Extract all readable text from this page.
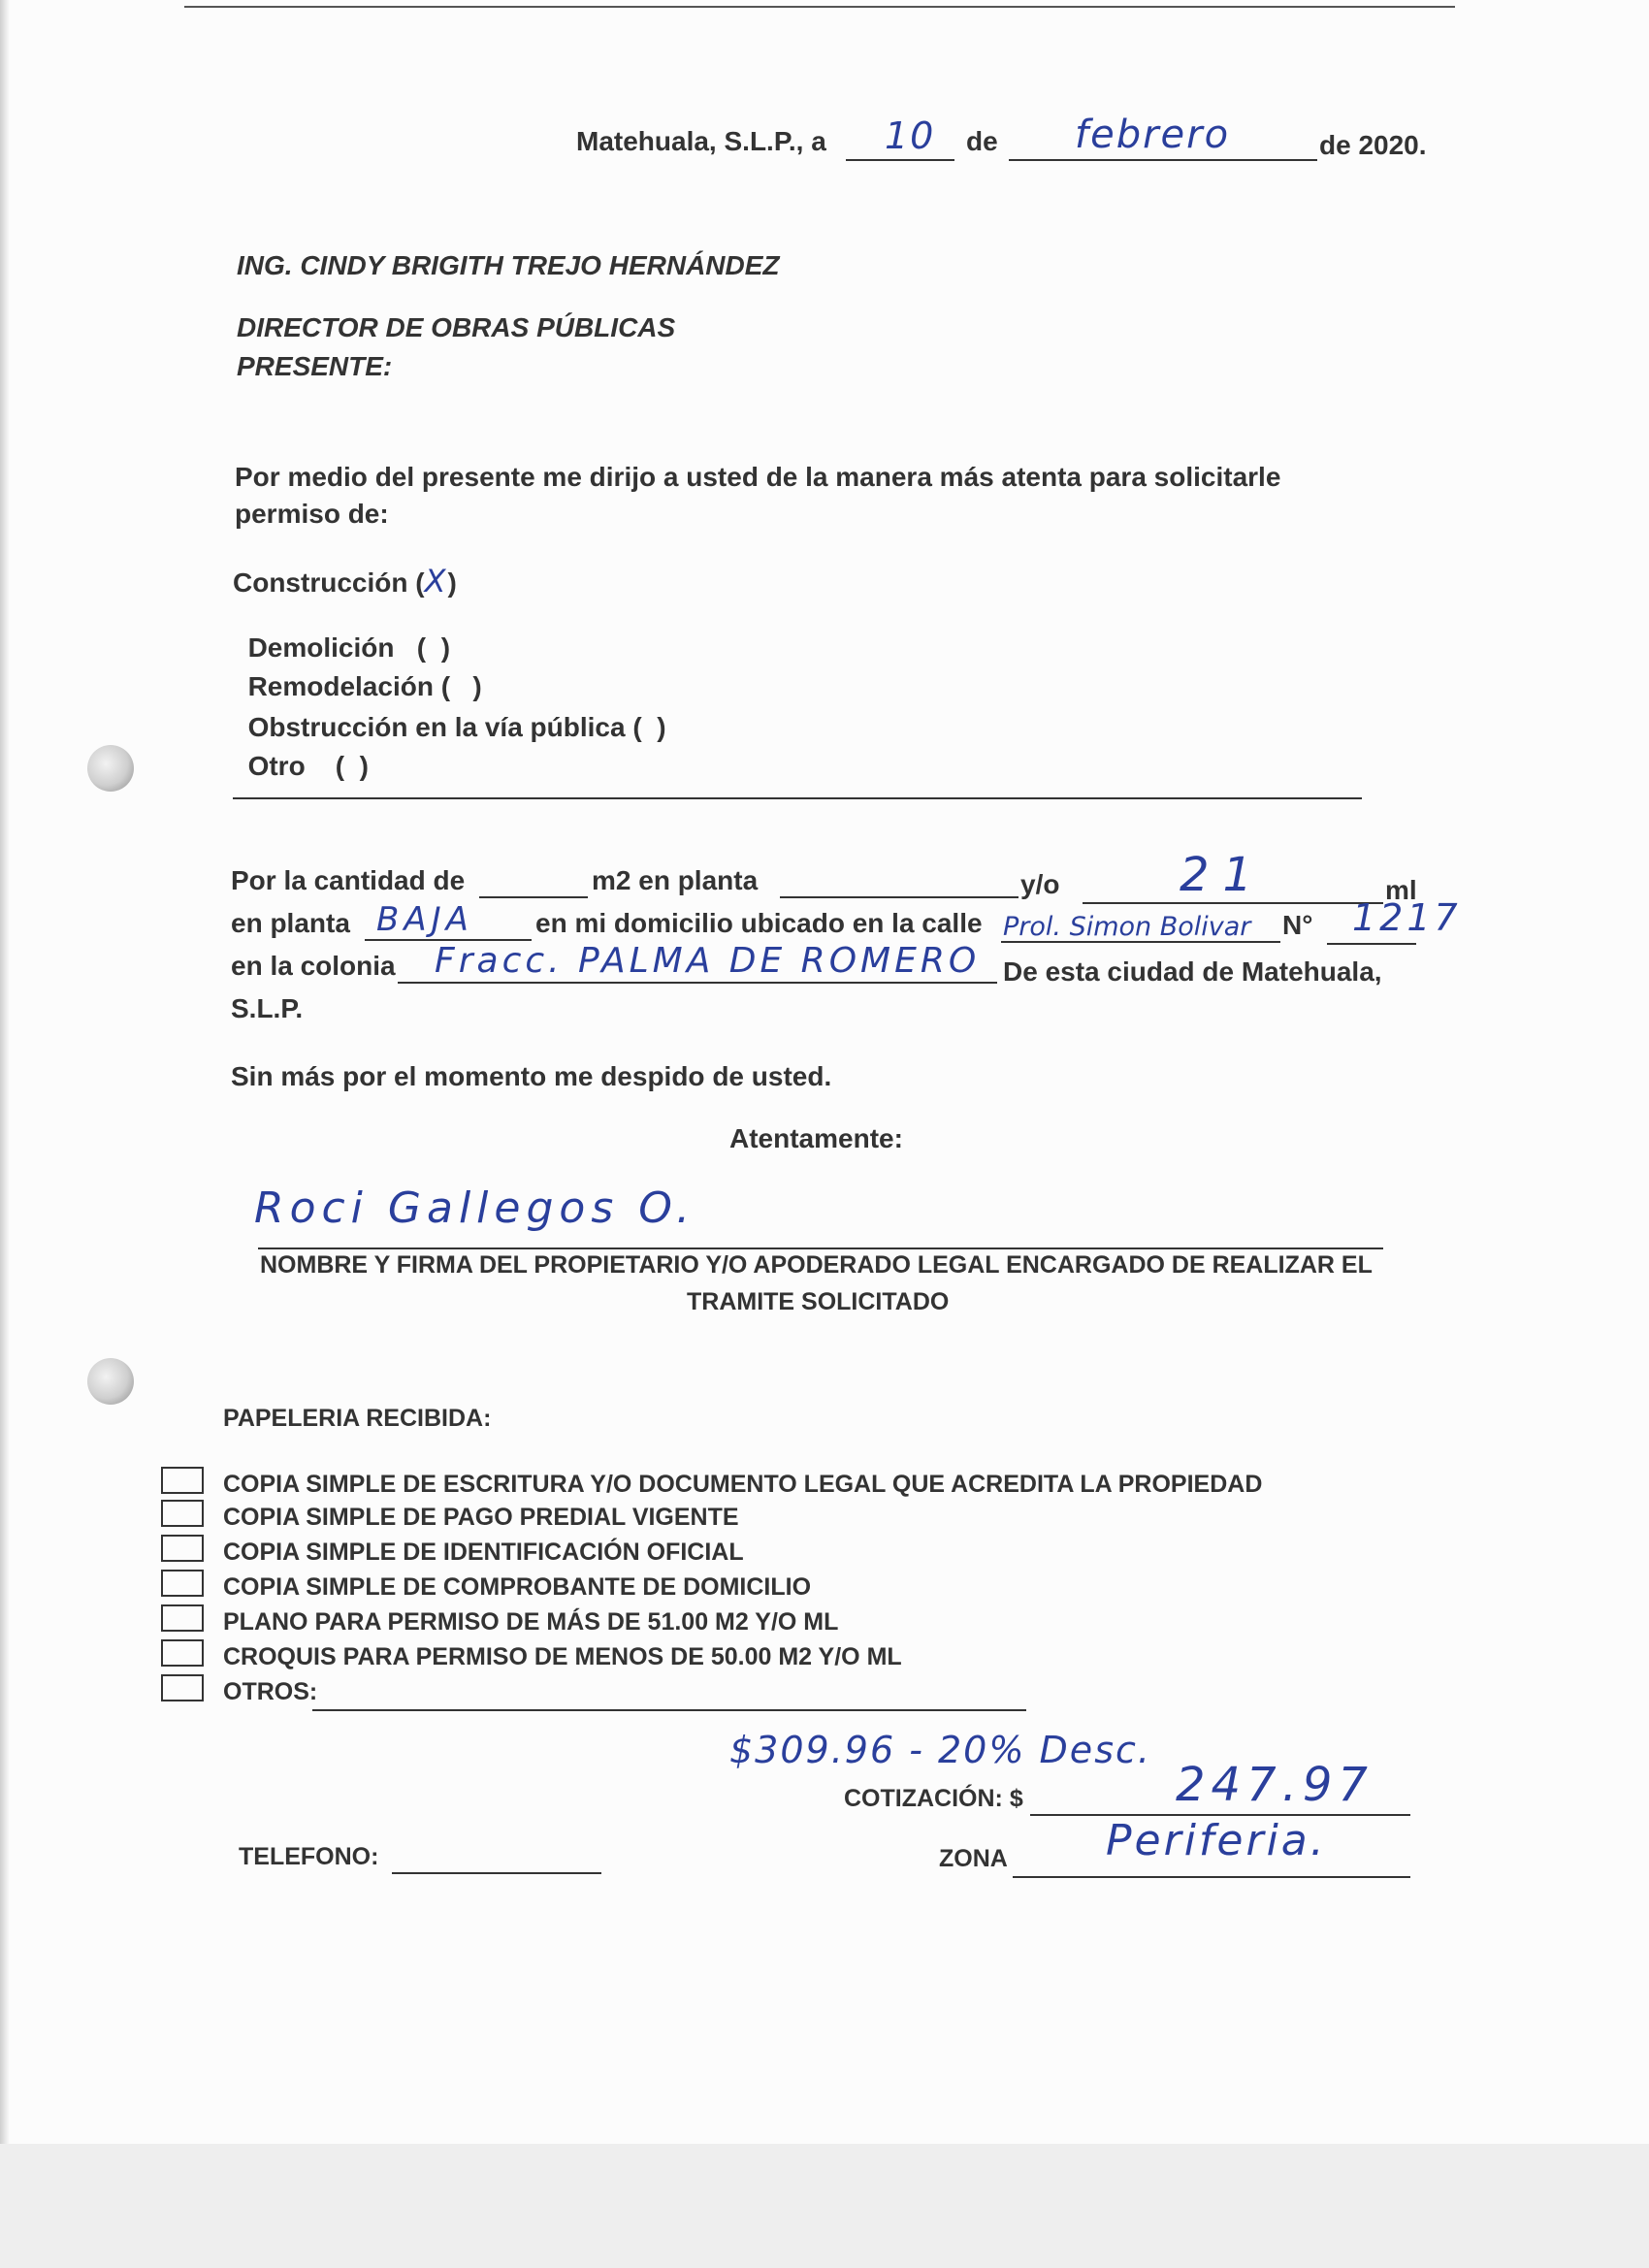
Matehuala, S.L.P., a 10 de febrero	de 2020.
ING. CINDY BRIGITH TREJO HERNÁNDEZ
DIRECTOR DE OBRAS PÚBLICAS
PRESENTE:
Por medio del presente me dirijo a usted de la manera más atenta para solicitarle
permiso de:
Construcción (X)

Demolición   ( )

Remodelación ( )

Obstrucción en la vía pública ( )

Otro    ( )

Por la cantidad de	m2 en planta	y/o	21	ml
en planta BAJA en mi domicilio ubicado en la calle Prol. Simon Bolivar N° 1217
en la colonia Fracc. PALMA DE ROMERO De esta ciudad de Matehuala,
S.L.P.
Sin más por el momento me despido de usted.
Atentamente:
Roci Gallegos O.
NOMBRE Y FIRMA DEL PROPIETARIO Y/O APODERADO LEGAL ENCARGADO DE REALIZAR EL
TRAMITE SOLICITADO
PAPELERIA RECIBIDA:
COPIA SIMPLE DE ESCRITURA Y/O DOCUMENTO LEGAL QUE ACREDITA LA PROPIEDAD
COPIA SIMPLE DE PAGO PREDIAL VIGENTE
COPIA SIMPLE DE IDENTIFICACIÓN OFICIAL
COPIA SIMPLE DE COMPROBANTE DE DOMICILIO
PLANO PARA PERMISO DE MÁS DE 51.00 M2 Y/O ML
CROQUIS PARA PERMISO DE MENOS DE 50.00 M2 Y/O ML
OTROS:
$309.96 - 20% Desc.
COTIZACIÓN: $	247.97
TELEFONO:	ZONA Periferia.
